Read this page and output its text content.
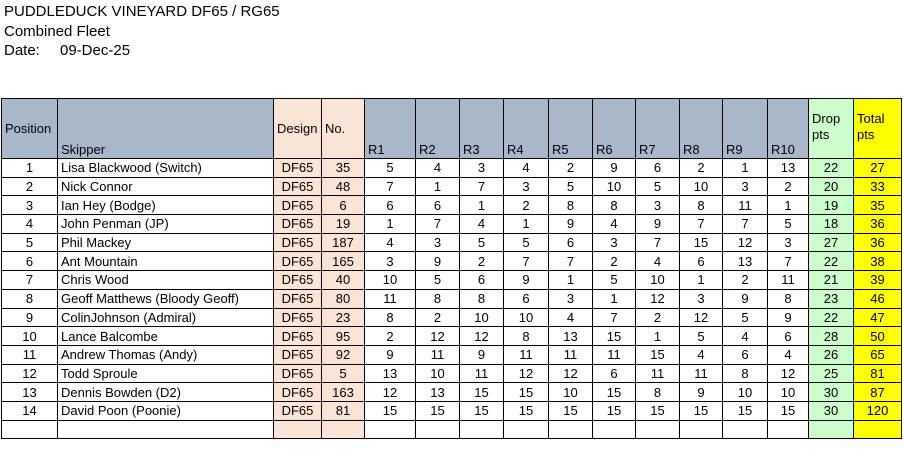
PUDDLEDUCK VINEYARD DF65 / RG65
Combined Fleet
Date: 09-Dec-25
Position	Skipper	Design	No.	R1	R2	R3	R4	R5	R6	R7	R8	R9	R10	Drop pts	Total pts
1	Lisa Blackwood (Switch)	DF65	35	5	4	3	4	2	9	6	2	1	13	22	27
2	Nick Connor	DF65	48	7	1	7	3	5	10	5	10	3	2	20	33
3	Ian Hey (Bodge)	DF65	6	6	6	1	2	8	8	3	8	11	1	19	35
4	John Penman (JP)	DF65	19	1	7	4	1	9	4	9	7	7	5	18	36
5	Phil Mackey	DF65	187	4	3	5	5	6	3	7	15	12	3	27	36
6	Ant Mountain	DF65	165	3	9	2	7	7	2	4	6	13	7	22	38
7	Chris Wood	DF65	40	10	5	6	9	1	5	10	1	2	11	21	39
8	Geoff Matthews (Bloody Geoff)	DF65	80	11	8	8	6	3	1	12	3	9	8	23	46
9	ColinJohnson (Admiral)	DF65	23	8	2	10	10	4	7	2	12	5	9	22	47
10	Lance Balcombe	DF65	95	2	12	12	8	13	15	1	5	4	6	28	50
11	Andrew Thomas (Andy)	DF65	92	9	11	9	11	11	11	15	4	6	4	26	65
12	Todd Sproule	DF65	5	13	10	11	12	12	6	11	11	8	12	25	81
13	Dennis Bowden (D2)	DF65	163	12	13	15	15	10	15	8	9	10	10	30	87
14	David Poon (Poonie)	DF65	81	15	15	15	15	15	15	15	15	15	15	30	120
